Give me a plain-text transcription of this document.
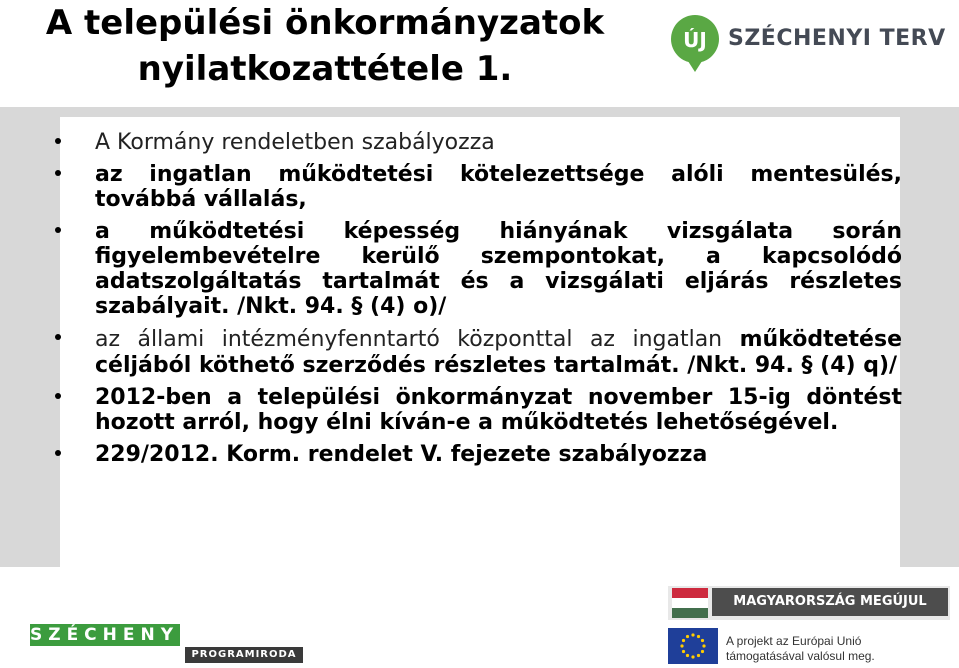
A települési önkormányzatok
nyilatkozattétele 1.
ÚJ SZÉCHENYI TERV
A Kormány rendeletben szabályozza
az ingatlan működtetési kötelezettsége alóli mentesülés, továbbá vállalás,
a működtetési képesség hiányának vizsgálata során figyelembevételre kerülő szempontokat, a kapcsolódó adatszolgáltatás tartalmát és a vizsgálati eljárás részletes szabályait. /Nkt. 94. § (4) o)/
az állami intézményfenntartó központtal az ingatlan működtetése céljából köthető szerződés részletes tartalmát. /Nkt. 94. § (4) q)/
2012-ben a települési önkormányzat november 15-ig döntést hozott arról, hogy élni kíván-e a működtetés lehetőségével.
229/2012. Korm. rendelet V. fejezete szabályozza
SZÉCHENYI
PROGRAMIRODA
MAGYARORSZÁG MEGÚJUL
A projekt az Európai Unió
támogatásával valósul meg.
